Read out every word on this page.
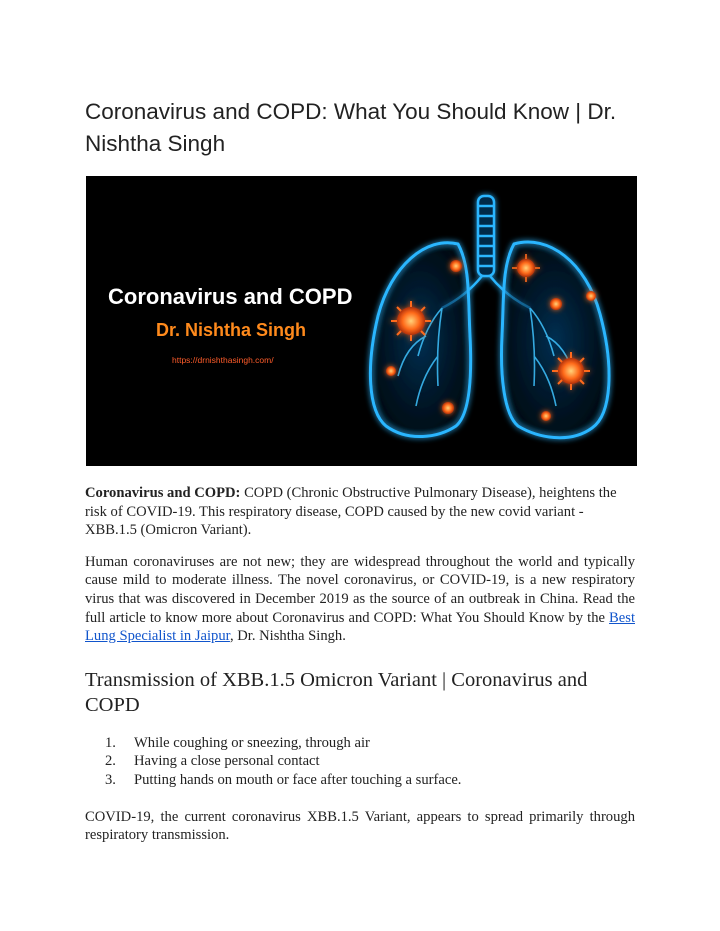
Coronavirus and COPD: What You Should Know | Dr. Nishtha Singh
Coronavirus and COPD
Dr. Nishtha Singh
https://drnishthasingh.com/

Coronavirus and COPD: COPD (Chronic Obstructive Pulmonary Disease), heightens the risk of COVID-19. This respiratory disease, COPD caused by the new covid variant - XBB.1.5 (Omicron Variant).

Human coronaviruses are not new; they are widespread throughout the world and typically cause mild to moderate illness. The novel coronavirus, or COVID-19, is a new respiratory virus that was discovered in December 2019 as the source of an outbreak in China. Read the full article to know more about Coronavirus and COPD: What You Should Know by the Best Lung Specialist in Jaipur, Dr. Nishtha Singh.

Transmission of XBB.1.5 Omicron Variant | Coronavirus and COPD
1. While coughing or sneezing, through air
2. Having a close personal contact
3. Putting hands on mouth or face after touching a surface.

COVID-19, the current coronavirus XBB.1.5 Variant, appears to spread primarily through respiratory transmission.
